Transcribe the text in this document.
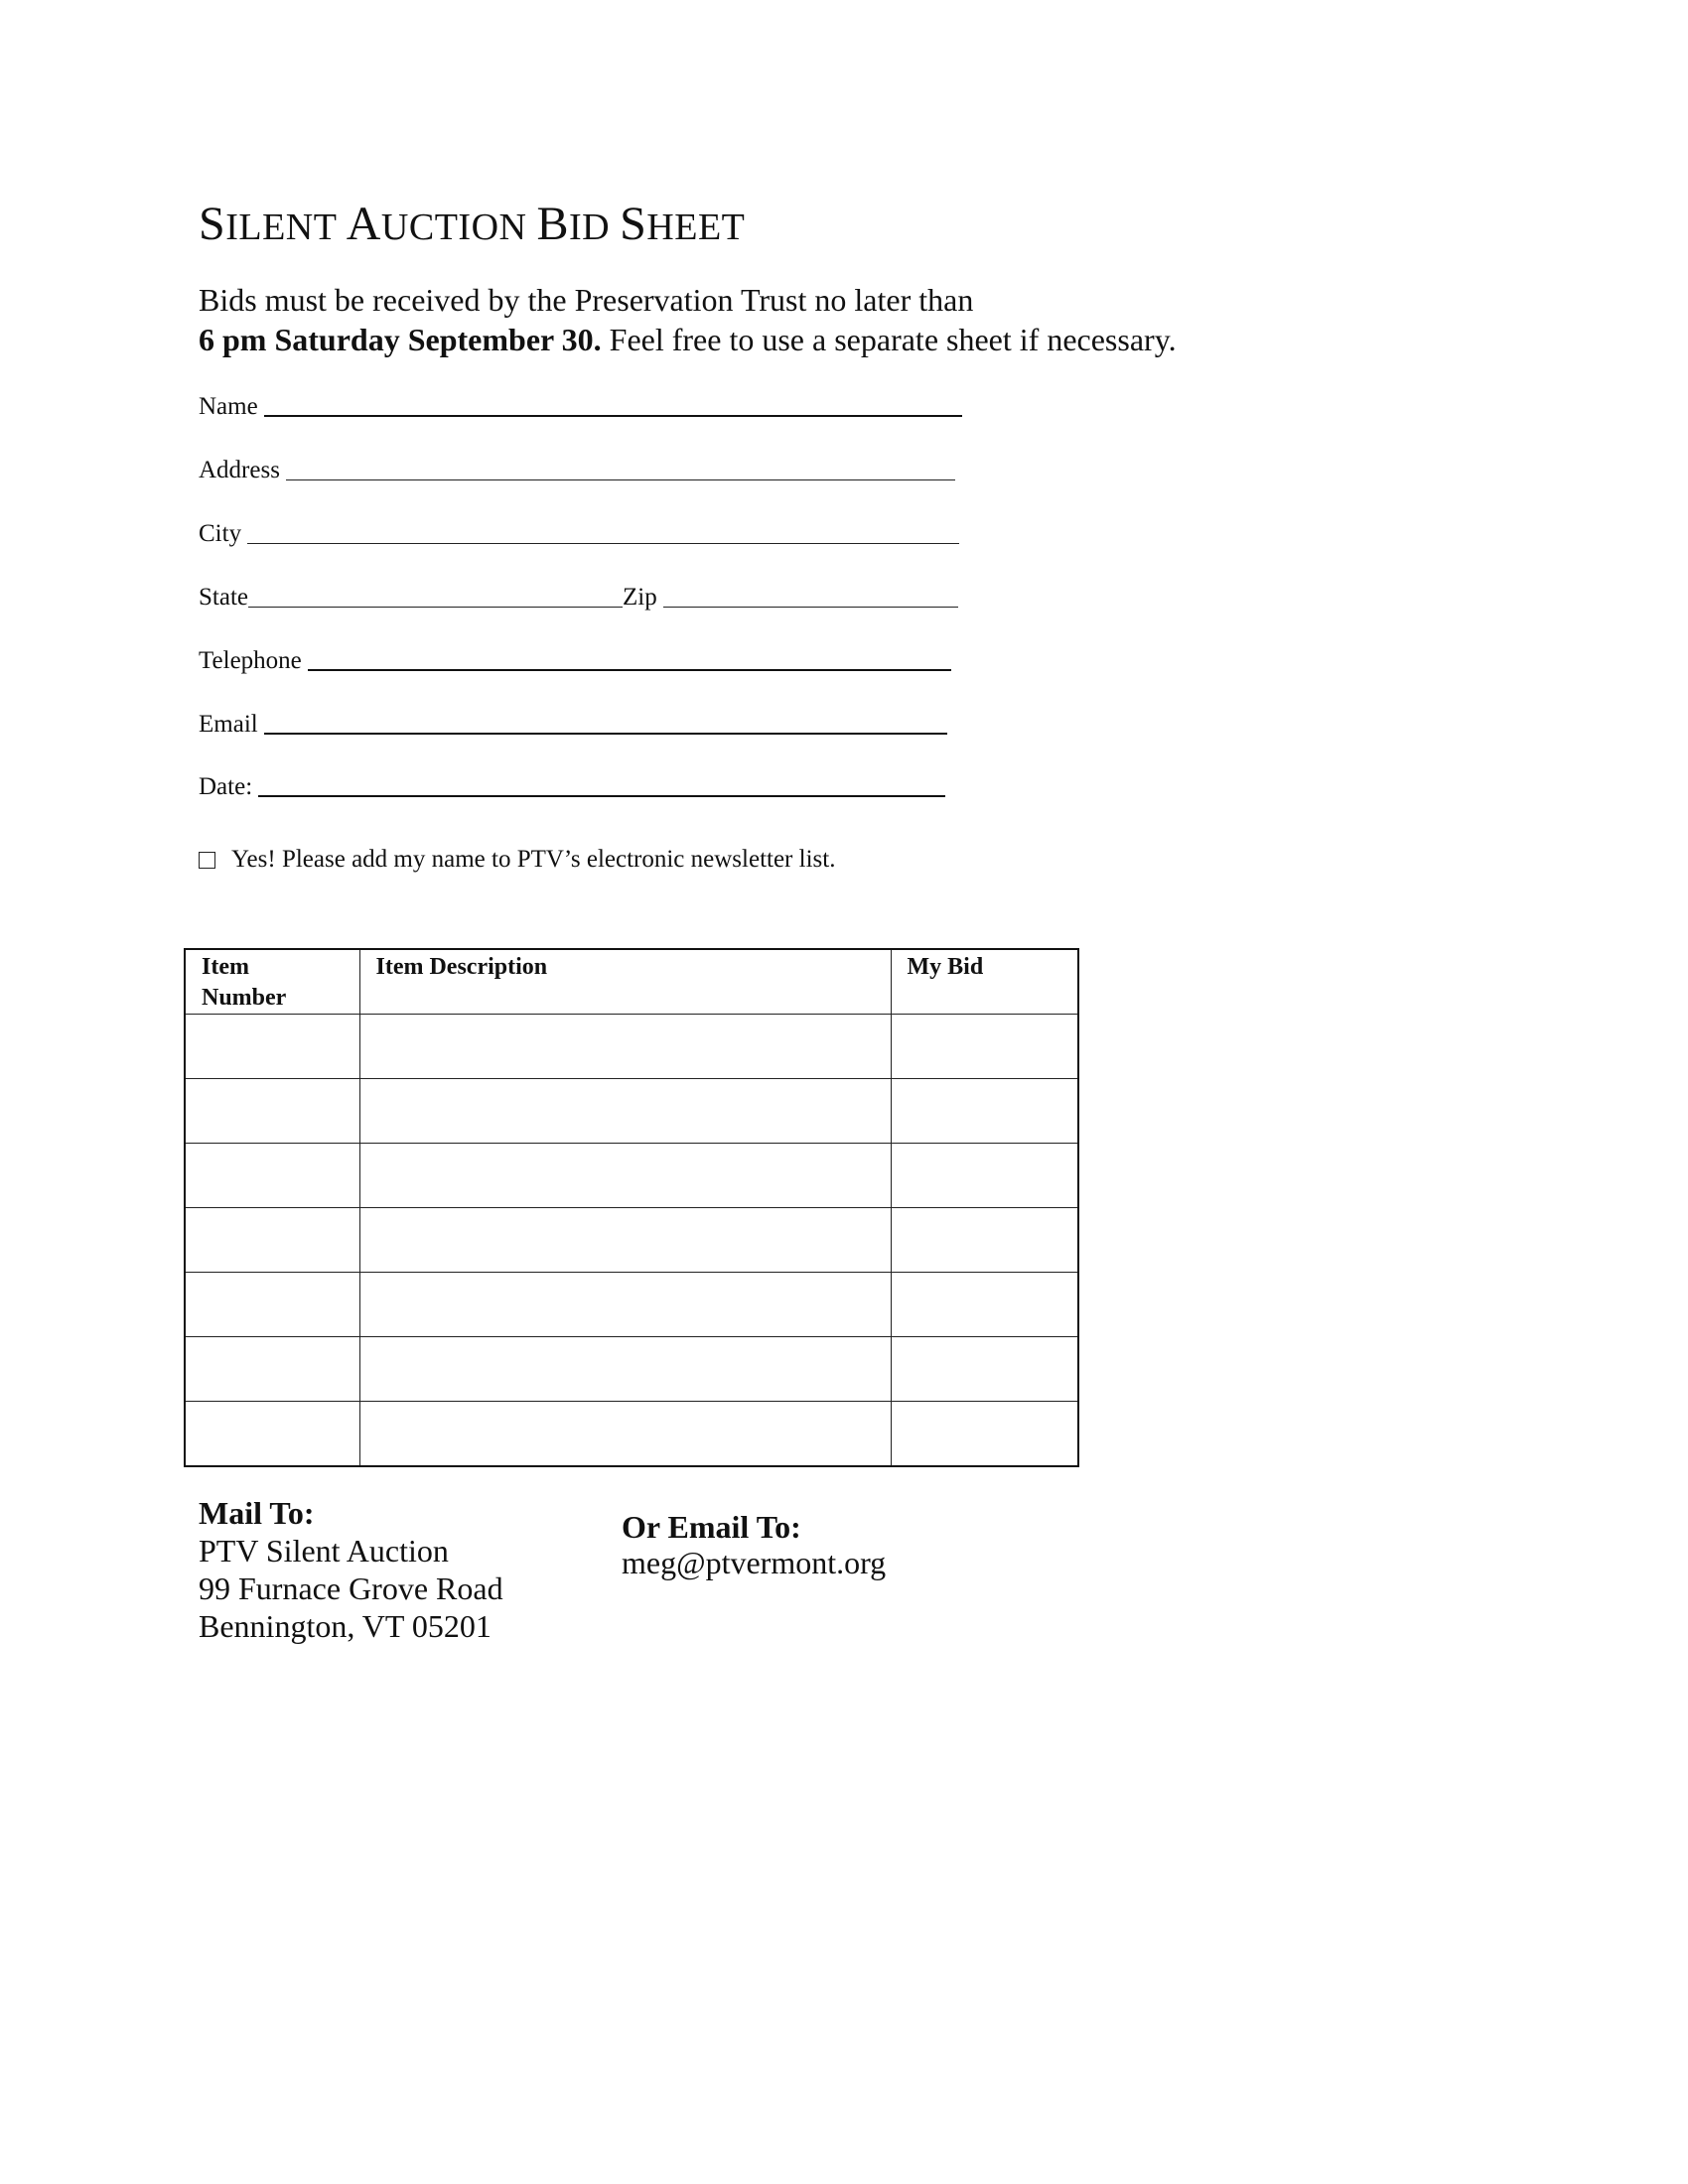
SILENT AUCTION BID SHEET
Bids must be received by the Preservation Trust no later than
6 pm Saturday September 30. Feel free to use a separate sheet if necessary.
Name
Address
City
State	Zip
Telephone
Email
Date:
Yes! Please add my name to PTV’s electronic newsletter list.
Item
Number	Item Description	My Bid

Mail To:
PTV Silent Auction
99 Furnace Grove Road
Bennington, VT 05201
Or Email To:
meg@ptvermont.org
